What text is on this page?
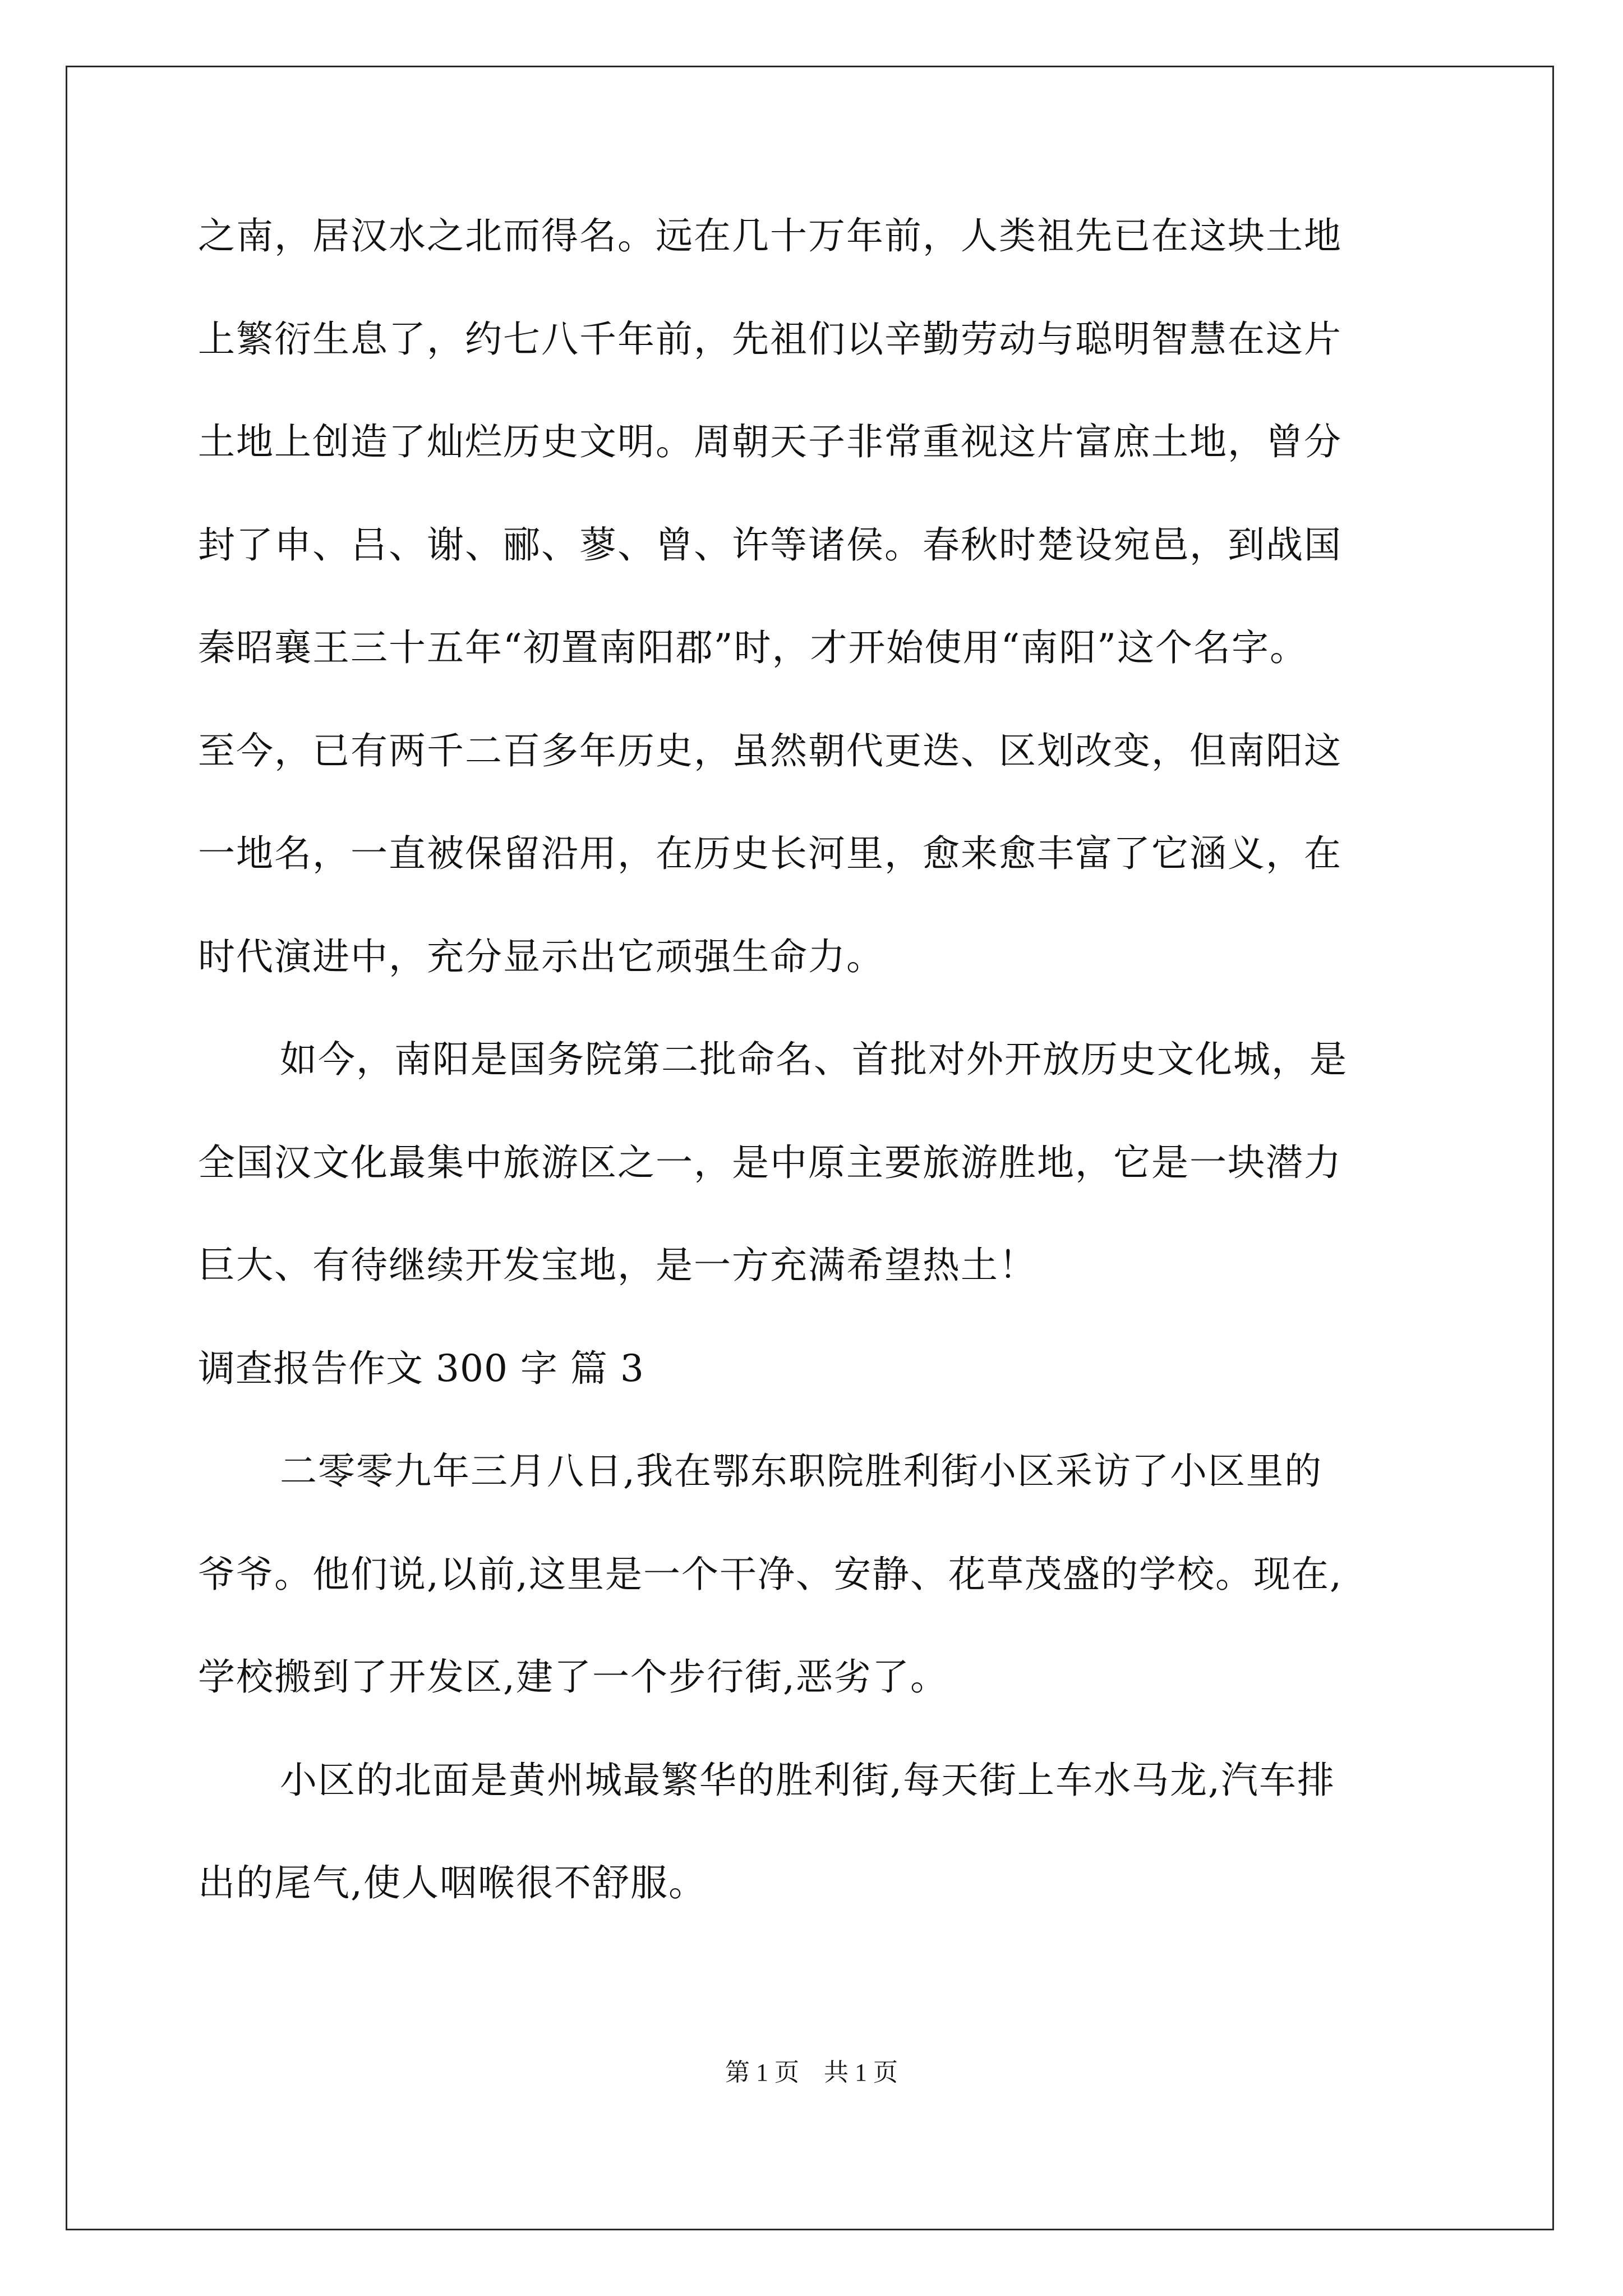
之南，居汉水之北而得名。远在几十万年前，人类祖先已在这块土地
上繁衍生息了，约七八千年前，先祖们以辛勤劳动与聪明智慧在这片
土地上创造了灿烂历史文明。周朝天子非常重视这片富庶土地，曾分
封了申、吕、谢、郦、蓼、曾、许等诸侯。春秋时楚设宛邑，到战国
秦昭襄王三十五年“初置南阳郡”时，才开始使用“南阳”这个名字。
至今，已有两千二百多年历史，虽然朝代更迭、区划改变，但南阳这
一地名，一直被保留沿用，在历史长河里，愈来愈丰富了它涵义，在
时代演进中，充分显示出它顽强生命力。
如今，南阳是国务院第二批命名、首批对外开放历史文化城，是
全国汉文化最集中旅游区之一，是中原主要旅游胜地，它是一块潜力
巨大、有待继续开发宝地，是一方充满希望热土！
调查报告作文 300 字 篇 3
二零零九年三月八日,我在鄂东职院胜利街小区采访了小区里的
爷爷。他们说,以前,这里是一个干净、安静、花草茂盛的学校。现在,
学校搬到了开发区,建了一个步行街,恶劣了。
小区的北面是黄州城最繁华的胜利街,每天街上车水马龙,汽车排
出的尾气,使人咽喉很不舒服。
第 1 页    共 1 页
